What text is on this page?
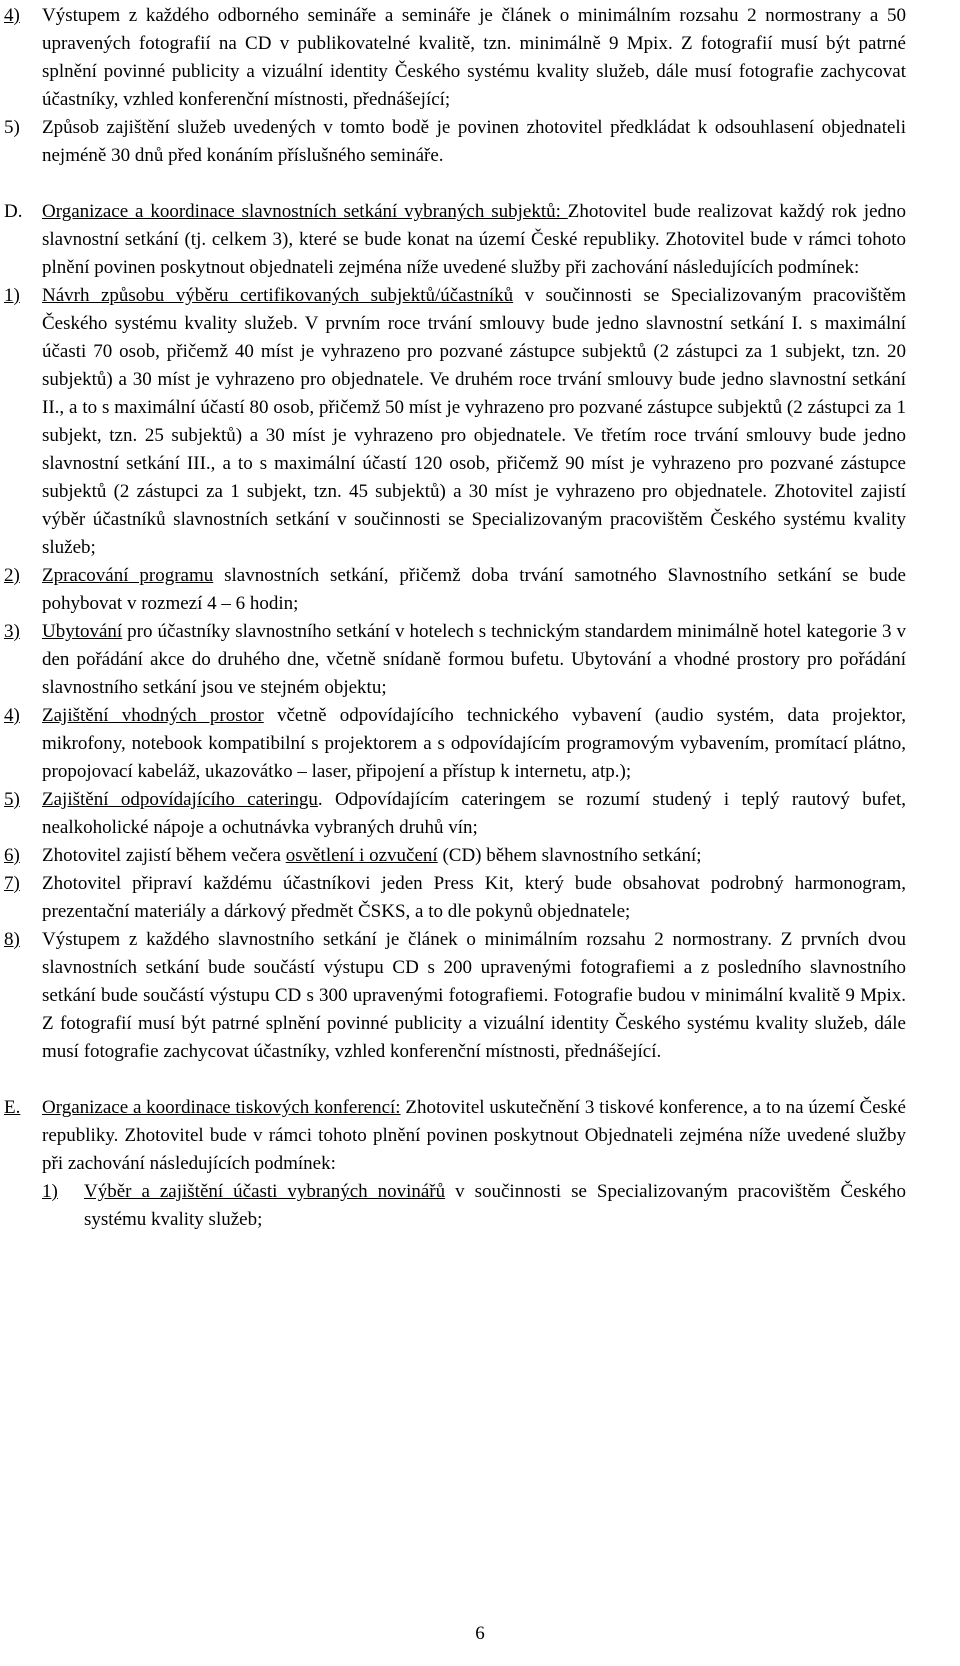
4) Výstupem z každého odborného semináře a semináře je článek o minimálním rozsahu 2 normostrany a 50 upravených fotografií na CD v publikovatelné kvalitě, tzn. minimálně 9 Mpix. Z fotografií musí být patrné splnění povinné publicity a vizuální identity Českého systému kvality služeb, dále musí fotografie zachycovat účastníky, vzhled konferenční místnosti, přednášející;
5) Způsob zajištění služeb uvedených v tomto bodě je povinen zhotovitel předkládat k odsouhlasení objednateli nejméně 30 dnů před konáním příslušného semináře.
D. Organizace a koordinace slavnostních setkání vybraných subjektů: Zhotovitel bude realizovat každý rok jedno slavnostní setkání (tj. celkem 3), které se bude konat na území České republiky. Zhotovitel bude v rámci tohoto plnění povinen poskytnout objednateli zejména níže uvedené služby při zachování následujících podmínek:
1) Návrh způsobu výběru certifikovaných subjektů/účastníků v součinnosti se Specializovaným pracovištěm Českého systému kvality služeb. V prvním roce trvání smlouvy bude jedno slavnostní setkání I. s maximální účasti 70 osob, přičemž 40 míst je vyhrazeno pro pozvané zástupce subjektů (2 zástupci za 1 subjekt, tzn. 20 subjektů) a 30 míst je vyhrazeno pro objednatele. Ve druhém roce trvání smlouvy bude jedno slavnostní setkání II., a to s maximální účastí 80 osob, přičemž 50 míst je vyhrazeno pro pozvané zástupce subjektů (2 zástupci za 1 subjekt, tzn. 25 subjektů) a 30 míst je vyhrazeno pro objednatele. Ve třetím roce trvání smlouvy bude jedno slavnostní setkání III., a to s maximální účastí 120 osob, přičemž 90 míst je vyhrazeno pro pozvané zástupce subjektů (2 zástupci za 1 subjekt, tzn. 45 subjektů) a 30 míst je vyhrazeno pro objednatele. Zhotovitel zajistí výběr účastníků slavnostních setkání v součinnosti se Specializovaným pracovištěm Českého systému kvality služeb;
2) Zpracování programu slavnostních setkání, přičemž doba trvání samotného Slavnostního setkání se bude pohybovat v rozmezí 4 – 6 hodin;
3) Ubytování pro účastníky slavnostního setkání v hotelech s technickým standardem minimálně hotel kategorie 3 v den pořádání akce do druhého dne, včetně snídaně formou bufetu. Ubytování a vhodné prostory pro pořádání slavnostního setkání jsou ve stejném objektu;
4) Zajištění vhodných prostor včetně odpovídajícího technického vybavení (audio systém, data projektor, mikrofony, notebook kompatibilní s projektorem a s odpovídajícím programovým vybavením, promítací plátno, propojovací kabeláž, ukazovátko – laser, připojení a přístup k internetu, atp.);
5) Zajištění odpovídajícího cateringu. Odpovídajícím cateringem se rozumí studený i teplý rautový bufet, nealkoholické nápoje a ochutnávka vybraných druhů vín;
6) Zhotovitel zajistí během večera osvětlení i ozvučení (CD) během slavnostního setkání;
7) Zhotovitel připraví každému účastníkovi jeden Press Kit, který bude obsahovat podrobný harmonogram, prezentační materiály a dárkový předmět ČSKS, a to dle pokynů objednatele;
8) Výstupem z každého slavnostního setkání je článek o minimálním rozsahu 2 normostrany. Z prvních dvou slavnostních setkání bude součástí výstupu CD s 200 upravenými fotografiemi a z posledního slavnostního setkání bude součástí výstupu CD s 300 upravenými fotografiemi. Fotografie budou v minimální kvalitě 9 Mpix. Z fotografií musí být patrné splnění povinné publicity a vizuální identity Českého systému kvality služeb, dále musí fotografie zachycovat účastníky, vzhled konferenční místnosti, přednášející.
E. Organizace a koordinace tiskových konferencí: Zhotovitel uskutečnění 3 tiskové konference, a to na území České republiky. Zhotovitel bude v rámci tohoto plnění povinen poskytnout Objednateli zejména níže uvedené služby při zachování následujících podmínek:
1) Výběr a zajištění účasti vybraných novinářů v součinnosti se Specializovaným pracovištěm Českého systému kvality služeb;
6
